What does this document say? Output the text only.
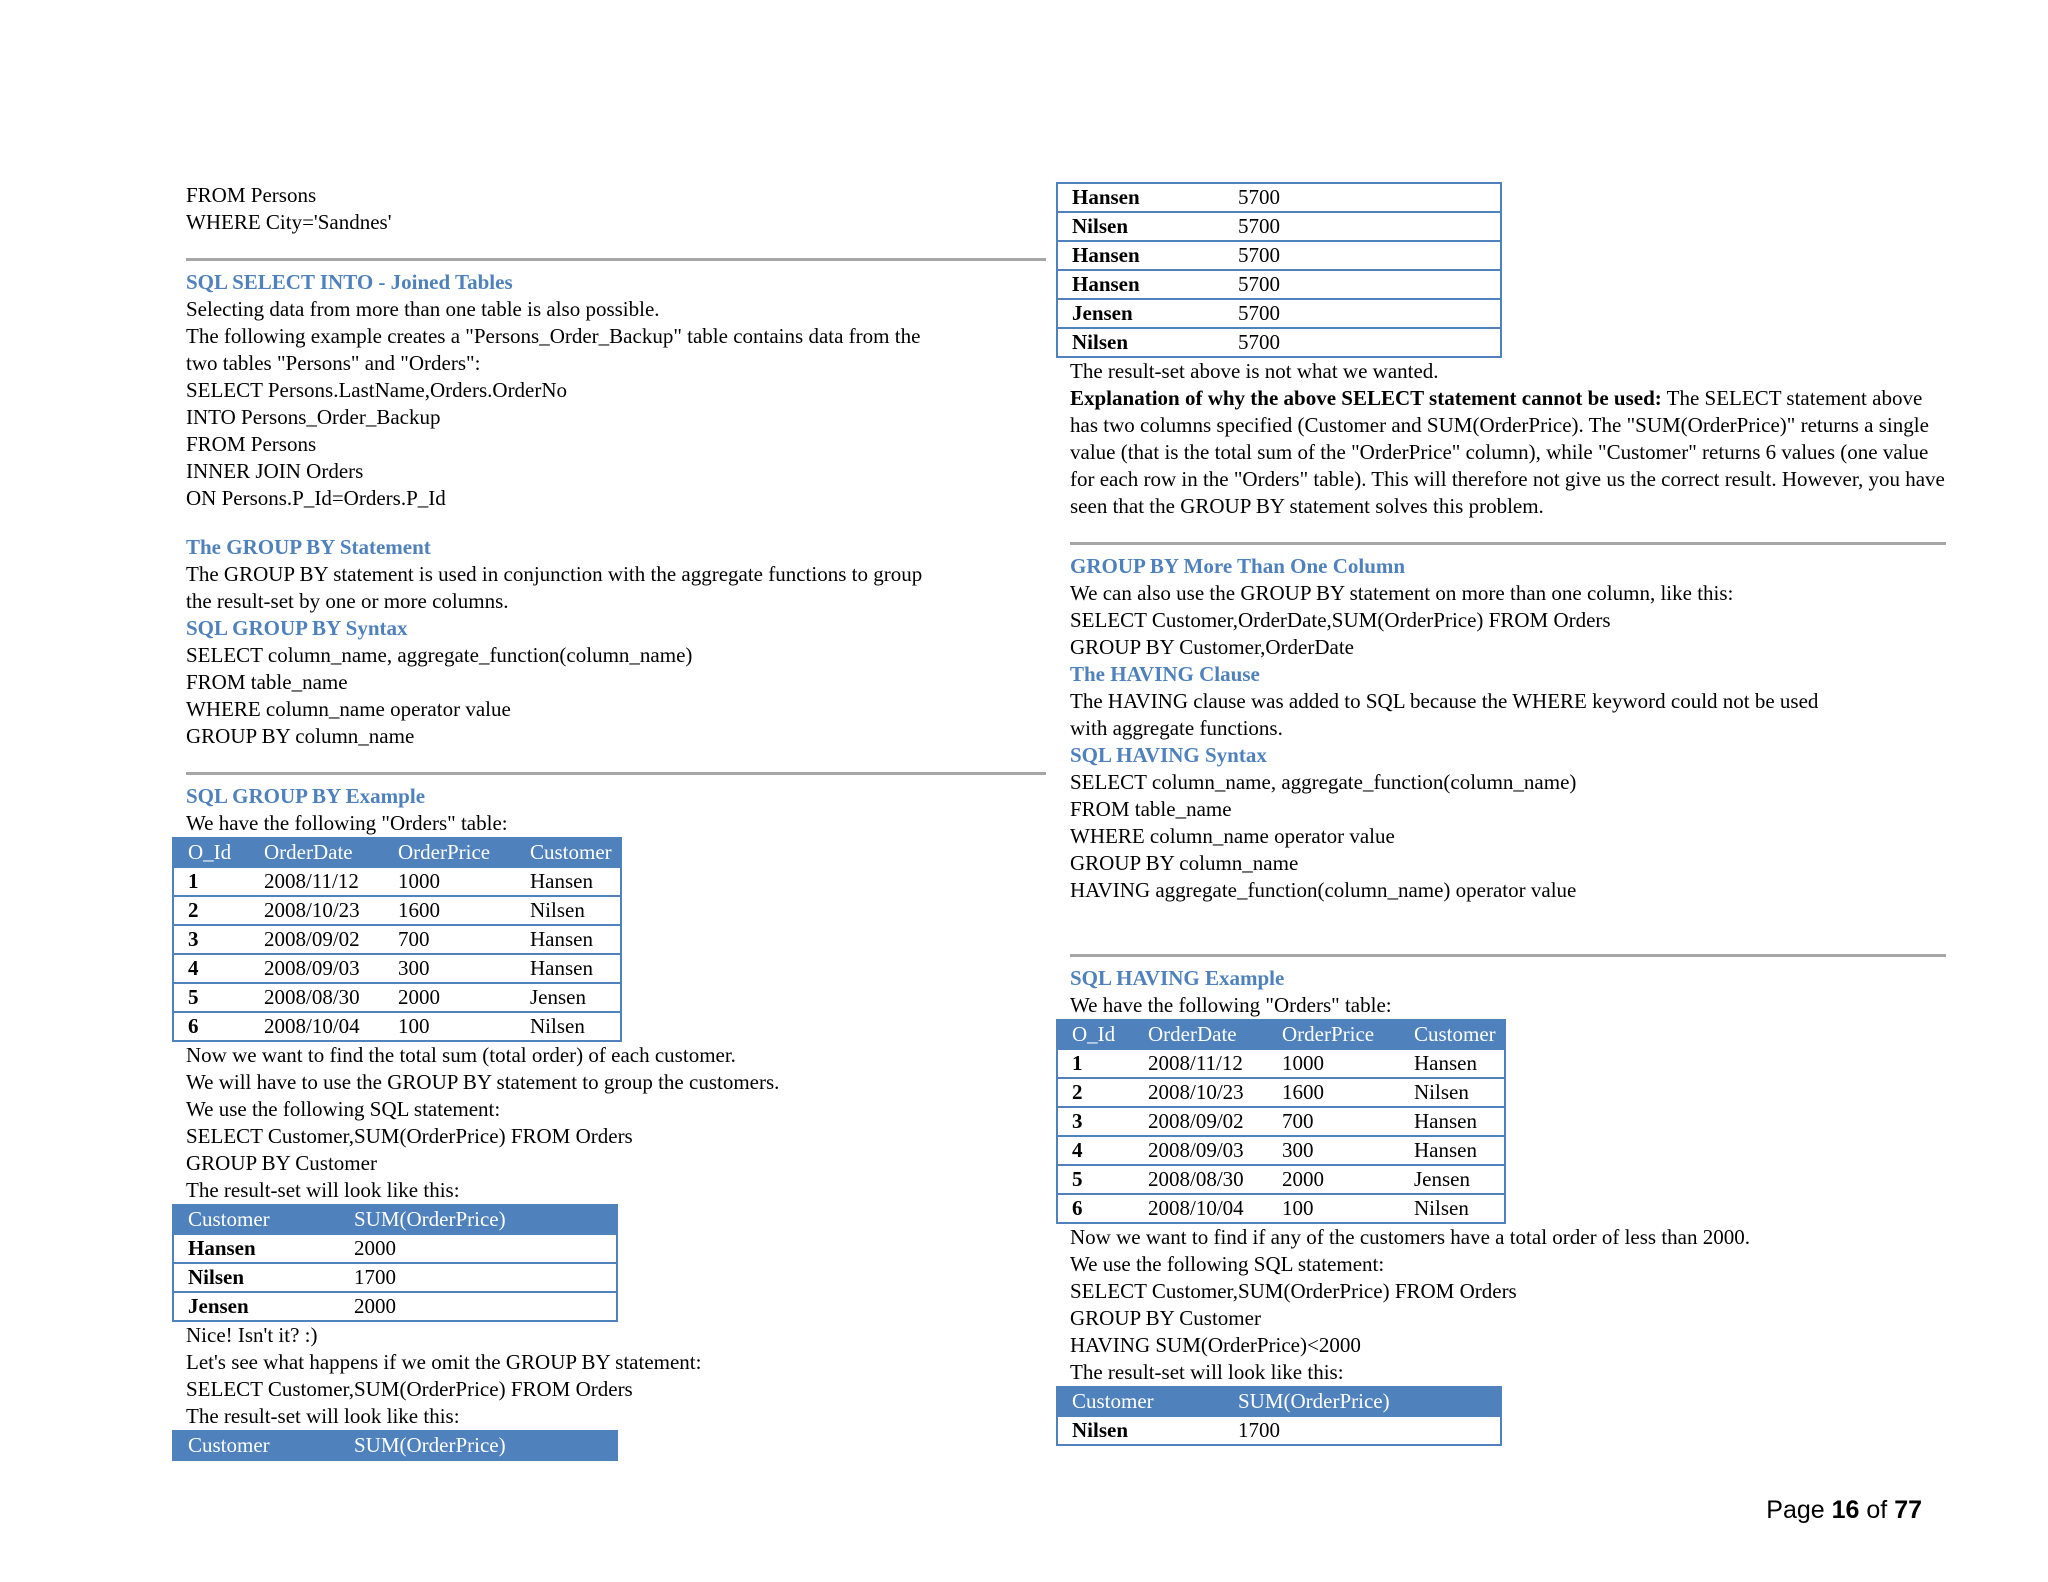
FROM Persons
WHERE City='Sandnes'
SQL SELECT INTO - Joined Tables
Selecting data from more than one table is also possible.
The following example creates a "Persons_Order_Backup" table contains data from the
two tables "Persons" and "Orders":
SELECT Persons.LastName,Orders.OrderNo
INTO Persons_Order_Backup
FROM Persons
INNER JOIN Orders
ON Persons.P_Id=Orders.P_Id
The GROUP BY Statement
The GROUP BY statement is used in conjunction with the aggregate functions to group
the result-set by one or more columns.
SQL GROUP BY Syntax
SELECT column_name, aggregate_function(column_name)
FROM table_name
WHERE column_name operator value
GROUP BY column_name
SQL GROUP BY Example
We have the following "Orders" table:
O_Id	OrderDate	OrderPrice	Customer
1	2008/11/12	1000	Hansen
2	2008/10/23	1600	Nilsen
3	2008/09/02	700	Hansen
4	2008/09/03	300	Hansen
5	2008/08/30	2000	Jensen
6	2008/10/04	100	Nilsen
Now we want to find the total sum (total order) of each customer.
We will have to use the GROUP BY statement to group the customers.
We use the following SQL statement:
SELECT Customer,SUM(OrderPrice) FROM Orders
GROUP BY Customer
The result-set will look like this:
Customer	SUM(OrderPrice)
Hansen	2000
Nilsen	1700
Jensen	2000
Nice! Isn't it? :)
Let's see what happens if we omit the GROUP BY statement:
SELECT Customer,SUM(OrderPrice) FROM Orders
The result-set will look like this:
Customer	SUM(OrderPrice)
Hansen	5700
Nilsen	5700
Hansen	5700
Hansen	5700
Jensen	5700
Nilsen	5700
The result-set above is not what we wanted.
Explanation of why the above SELECT statement cannot be used: The SELECT statement above has two columns specified (Customer and SUM(OrderPrice). The "SUM(OrderPrice)" returns a single value (that is the total sum of the "OrderPrice" column), while "Customer" returns 6 values (one value for each row in the "Orders" table). This will therefore not give us the correct result. However, you have seen that the GROUP BY statement solves this problem.
GROUP BY More Than One Column
We can also use the GROUP BY statement on more than one column, like this:
SELECT Customer,OrderDate,SUM(OrderPrice) FROM Orders
GROUP BY Customer,OrderDate
The HAVING Clause
The HAVING clause was added to SQL because the WHERE keyword could not be used
with aggregate functions.
SQL HAVING Syntax
SELECT column_name, aggregate_function(column_name)
FROM table_name
WHERE column_name operator value
GROUP BY column_name
HAVING aggregate_function(column_name) operator value
SQL HAVING Example
We have the following "Orders" table:
O_Id	OrderDate	OrderPrice	Customer
1	2008/11/12	1000	Hansen
2	2008/10/23	1600	Nilsen
3	2008/09/02	700	Hansen
4	2008/09/03	300	Hansen
5	2008/08/30	2000	Jensen
6	2008/10/04	100	Nilsen
Now we want to find if any of the customers have a total order of less than 2000.
We use the following SQL statement:
SELECT Customer,SUM(OrderPrice) FROM Orders
GROUP BY Customer
HAVING SUM(OrderPrice)<2000
The result-set will look like this:
Customer	SUM(OrderPrice)
Nilsen	1700
Page 16 of 77
